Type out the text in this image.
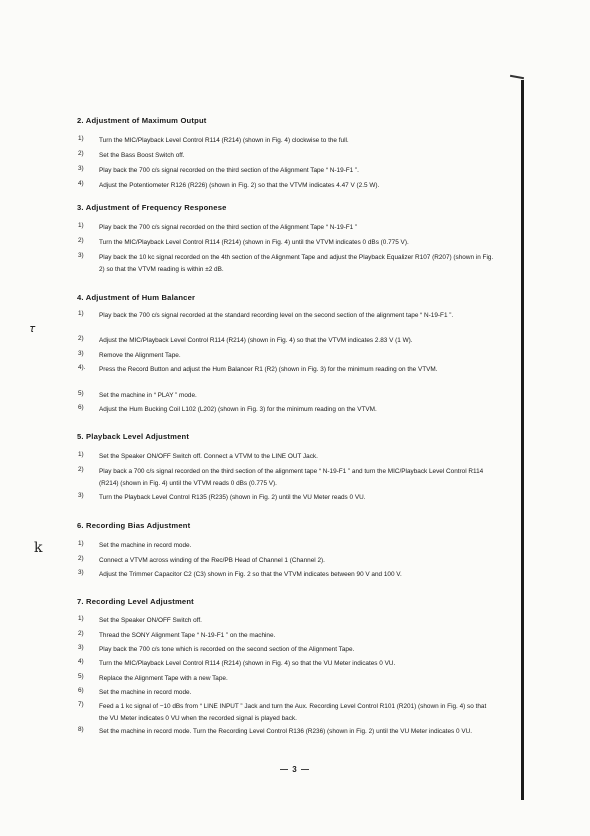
𝜏
k
2. Adjustment of Maximum Output
1) Turn the MIC/Playback Level Control R114 (R214) (shown in Fig. 4) clockwise to the full.
2) Set the Bass Boost Switch off.
3) Play back the 700 c/s signal recorded on the third section of the Alignment Tape “ N-19-F1 ”.
4) Adjust the Potentiometer R126 (R226) (shown in Fig. 2) so that the VTVM indicates 4.47 V (2.5 W).
3. Adjustment of Frequency Responese
1) Play back the 700 c/s signal recorded on the third section of the Alignment Tape “ N-19-F1 ”
2) Turn the MIC/Playback Level Control R114 (R214) (shown in Fig. 4) until the VTVM indicates 0 dBs (0.775 V).
3) Play back the 10 kc signal recorded on the 4th section of the Alignment Tape and adjust the Playback Equalizer R107 (R207) (shown in Fig. 2) so that the VTVM reading is within ±2 dB.
4. Adjustment of Hum Balancer
1) Play back the 700 c/s signal recorded at the standard recording level on the second section of the alignment tape “ N-19-F1 ”.
2) Adjust the MIC/Playback Level Control R114 (R214) (shown in Fig. 4) so that the VTVM indicates 2.83 V (1 W).
3) Remove the Alignment Tape.
4). Press the Record Button and adjust the Hum Balancer R1 (R2) (shown in Fig. 3) for the minimum reading on the VTVM.
5) Set the machine in “ PLAY ” mode.
6) Adjust the Hum Bucking Coil L102 (L202) (shown in Fig. 3) for the minimum reading on the VTVM.
5. Playback Level Adjustment
1) Set the Speaker ON/OFF Switch off. Connect a VTVM to the LINE OUT Jack.
2) Play back a 700 c/s signal recorded on the third section of the alignment tape “ N-19-F1 ” and turn the MIC/Playback Level Control R114 (R214) (shown in Fig. 4) until the VTVM reads 0 dBs (0.775 V).
3) Turn the Playback Level Control R135 (R235) (shown in Fig. 2) until the VU Meter reads 0 VU.
6. Recording Bias Adjustment
1) Set the machine in record mode.
2) Connect a VTVM across winding of the Rec/PB Head of Channel 1 (Channel 2).
3) Adjust the Trimmer Capacitor C2 (C3) shown in Fig. 2 so that the VTVM indicates between 90 V and 100 V.
7. Recording Level Adjustment
1) Set the Speaker ON/OFF Switch off.
2) Thread the SONY Alignment Tape “ N-19-F1 ” on the machine.
3) Play back the 700 c/s tone which is recorded on the second section of the Alignment Tape.
4) Turn the MIC/Playback Level Control R114 (R214) (shown in Fig. 4) so that the VU Meter indicates 0 VU.
5) Replace the Alignment Tape with a new Tape.
6) Set the machine in record mode.
7) Feed a 1 kc signal of −10 dBs from “ LINE INPUT ” Jack and turn the Aux. Recording Level Control R101 (R201) (shown in Fig. 4) so that the VU Meter indicates 0 VU when the recorded signal is played back.
8) Set the machine in record mode. Turn the Recording Level Control R136 (R236) (shown in Fig. 2) until the VU Meter indicates 0 VU.
— 3 —
